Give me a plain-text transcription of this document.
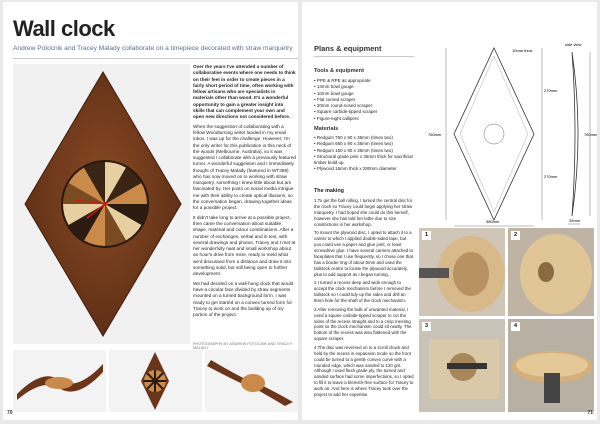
Wall clock
Andrew Potocnik and Tracey Malady collaborate on a timepiece decorated with straw marquetry

Over the years I've attended a number of collaborative events where one needs to think on their feet in order to create pieces in a fairly short period of time, often working with fellow artisans who are specialists in materials other than wood. It's a wonderful opportunity to gain a greater insight into skills that can complement your own and open new directions not considered before.

When the suggestion of collaborating with a fellow Woodturning writer landed in my email inbox, I was up for the challenge. However, I'm the only writer for this publication in this neck of the woods (Melbourne, Australia), so it was suggested I collaborate with a previously featured turner. A wonderful suggestion and I immediately thought of Tracey Malady (featured in WT388) who has now moved on to working with straw marquetry, something I knew little about but am fascinated by. Her posts on social media intrigue me with their ability to create optical illusions, so the conversation began, drawing together ideas for a possible project.

It didn't take long to arrive at a possible project, then came the conversation about suitable shape, material and colour combinations. After a number of exchanges, verbal and in text, with several drawings and photos, Tracey and I met at her wonderfully neat and small workshop about an hour's drive from mine, ready to meld what we'd discussed from a distance and draw it into something solid, but still being open to further development.

We had decided on a wall-hung clock that would have a circular face divided by straw segments mounted on a turned background form. I was ready to get started on a convex turned form for Tracey to work on and the building up of my portion of the project.

PHOTOGRAPHS BY ANDREW POTOCNIK AND TRACEY MALADY
70
Plans & equipment
Tools & equipment
• PPE & RPE as appropriate
• 13mm bowl gouge
• 10mm bowl gouge
• Flat curved scraper
• 20mm round-nosed scraper
• Square carbide-tipped scraper
• Figure-eight callipers
Materials
• Redgum 750 x 90 x 35mm (times two)
• Redgum 650 x 90 x 35mm (times two)
• Redgum 150 x 90 x 35mm (times two)
• Structural grade pine x 35mm thick for sacrificial timber build up
• Plywood 16mm thick x 280mm diameter
side view
10mm thick
760mm
270mm
270mm
760mm
380mm	35mm

The making

1 To get the ball rolling, I turned the central disc for the clock so Tracey could begin applying her straw marquetry. I had hoped she could do this herself, however she has told her lathe due to size constrictions in her workshop.

To mount the plywood disc, I opted to attach it to a carrier to which I applied double-sided tape, but you could use a paper and glue joint, or least screwdrive glue. I have several carriers attached to faceplates that I use frequently, so I chose one that has a border ring of about 8mm and used the tailstock centre to locate the plywood accurately, plus to add support as I began turning.

2 I turned a recess deep and wide enough to accept the clock mechanism before I removed the tailstock so I could tidy up the sides and drill an 8mm hole for the shaft of the clock mechanism.

3 After removing the bulk of unwanted material, I used a square carbide-tipped scraper to cut the sides of the recess straight and to a crisp meeting point so the clock mechanism could sit neatly. The bottom of the recess was also flattened with the square scraper.

4 The disc was reversed on to a scroll chuck and held by the recess in expansion mode so the front could be turned to a gentle convex curve with a rounded edge, which was sanded to 120 grit. Although I used flush grade ply, the turned and sanded surface had some imperfections, so I opted to fill it to leave a blemish-free surface for Tracey to work on. And here is where Tracey took over the project to add her expertise.

1	2
3	4
71
